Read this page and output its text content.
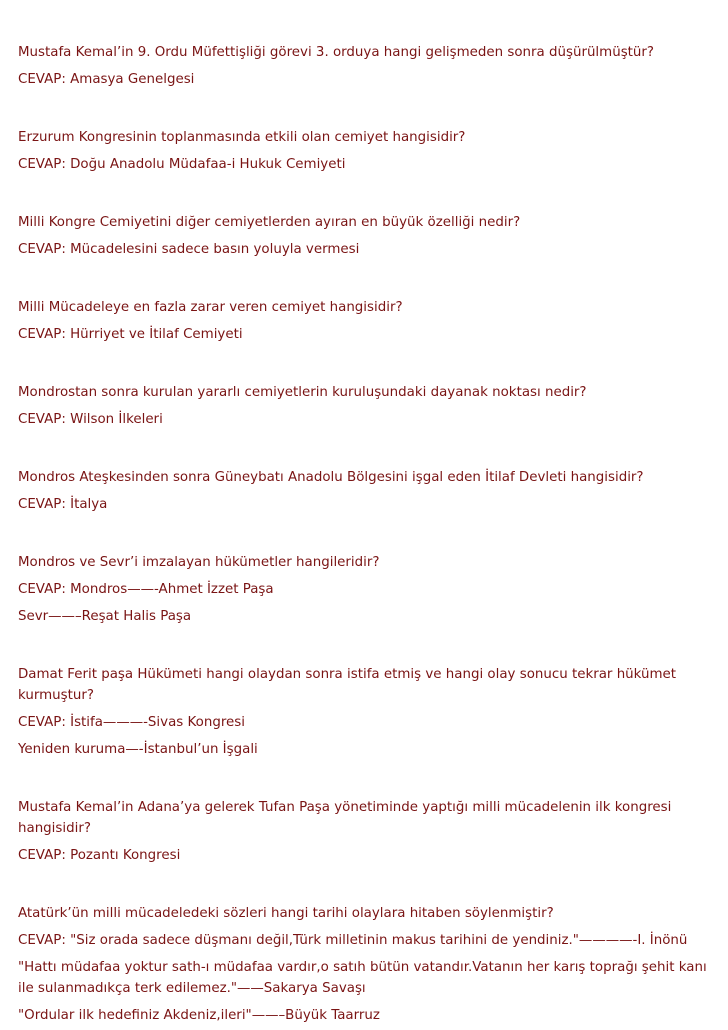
Mustafa Kemal’in 9. Ordu Müfettişliği görevi 3. orduya hangi gelişmeden sonra düşürülmüştür?

CEVAP: Amasya Genelgesi

Erzurum Kongresinin toplanmasında etkili olan cemiyet hangisidir?

CEVAP: Doğu Anadolu Müdafaa-i Hukuk Cemiyeti

Milli Kongre Cemiyetini diğer cemiyetlerden ayıran en büyük özelliği nedir?

CEVAP: Mücadelesini sadece basın yoluyla vermesi

Milli Mücadeleye en fazla zarar veren cemiyet hangisidir?

CEVAP: Hürriyet ve İtilaf Cemiyeti

Mondrostan sonra kurulan yararlı cemiyetlerin kuruluşundaki dayanak noktası nedir?

CEVAP: Wilson İlkeleri

Mondros Ateşkesinden sonra Güneybatı Anadolu Bölgesini işgal eden İtilaf Devleti hangisidir?

CEVAP: İtalya

Mondros ve Sevr’i imzalayan hükümetler hangileridir?

CEVAP: Mondros——-Ahmet İzzet Paşa

Sevr——–Reşat Halis Paşa

Damat Ferit paşa Hükümeti hangi olaydan sonra istifa etmiş ve hangi olay sonucu tekrar hükümet kurmuştur?

CEVAP: İstifa———-Sivas Kongresi

Yeniden kuruma—-İstanbul’un İşgali

Mustafa Kemal’in Adana’ya gelerek Tufan Paşa yönetiminde yaptığı milli mücadelenin ilk kongresi hangisidir?

CEVAP: Pozantı Kongresi

Atatürk’ün milli mücadeledeki sözleri hangi tarihi olaylara hitaben söylenmiştir?

CEVAP: "Siz orada sadece düşmanı değil,Türk milletinin makus tarihini de yendiniz."————-I. İnönü

"Hattı müdafaa yoktur sath-ı müdafaa vardır,o satıh bütün vatandır.Vatanın her karış toprağı şehit kanı ile sulanmadıkça terk edilemez."——Sakarya Savaşı

"Ordular ilk hedefiniz Akdeniz,ileri"——–Büyük Taarruz
